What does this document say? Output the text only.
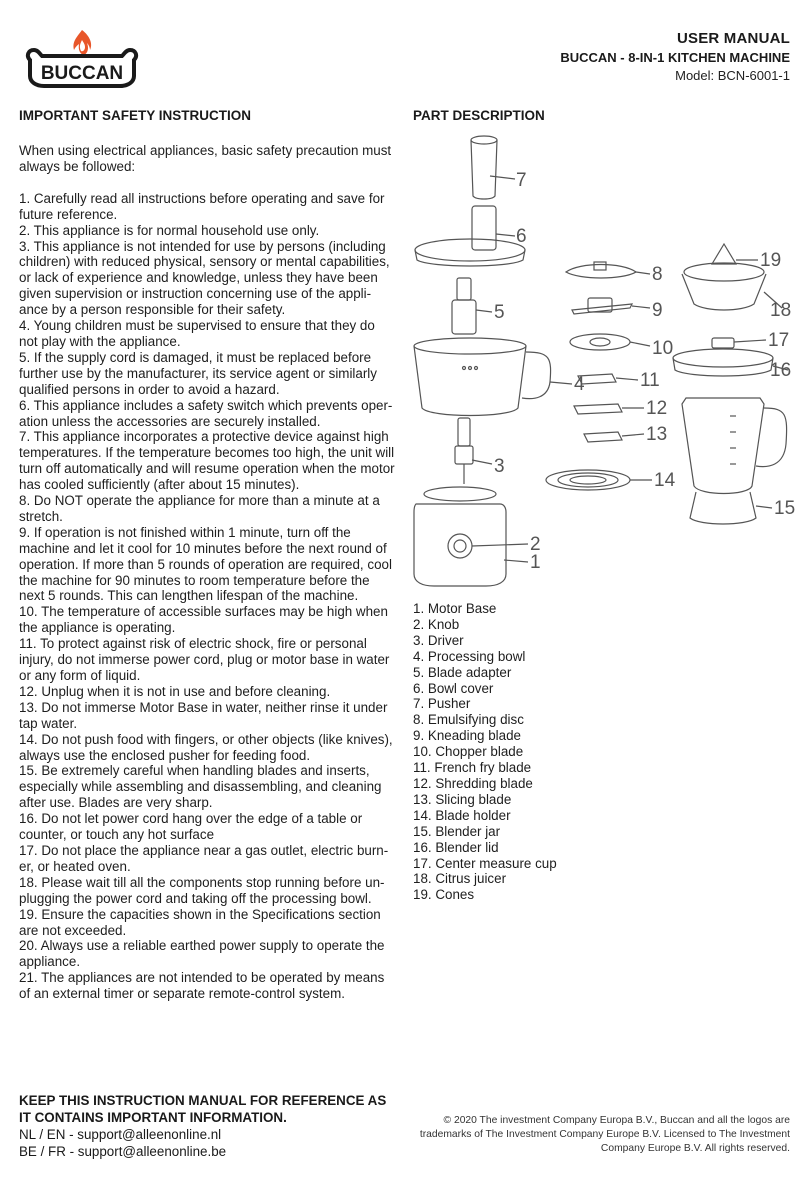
BUCCAN
USER MANUAL
BUCCAN - 8-IN-1 KITCHEN MACHINE
Model: BCN-6001-1
IMPORTANT SAFETY INSTRUCTION
When using electrical appliances, basic safety precaution must always be followed:
1. Carefully read all instructions before operating and save for future reference.
2. This appliance is for normal household use only.
3. This appliance is not intended for use by persons (including children) with reduced physical, sensory or mental capabilities, or lack of experience and knowledge, unless they have been given supervision or instruction concerning use of the appli-ance by a person responsible for their safety.
4. Young children must be supervised to ensure that they do not play with the appliance.
5. If the supply cord is damaged, it must be replaced before further use by the manufacturer, its service agent or similarly qualified persons in order to avoid a hazard.
6. This appliance includes a safety switch which prevents oper-ation unless the accessories are securely installed.
7. This appliance incorporates a protective device against high temperatures. If the temperature becomes too high, the unit will turn off automatically and will resume operation when the motor has cooled sufficiently (after about 15 minutes).
8. Do NOT operate the appliance for more than a minute at a stretch.
9. If operation is not finished within 1 minute, turn off the machine and let it cool for 10 minutes before the next round of operation. If more than 5 rounds of operation are required, cool the machine for 90 minutes to room temperature before the next 5 rounds. This can lengthen lifespan of the machine.
10. The temperature of accessible surfaces may be high when the appliance is operating.
11. To protect against risk of electric shock, fire or personal injury, do not immerse power cord, plug or motor base in water or any form of liquid.
12. Unplug when it is not in use and before cleaning.
13. Do not immerse Motor Base in water, neither rinse it under tap water.
14. Do not push food with fingers, or other objects (like knives), always use the enclosed pusher for feeding food.
15. Be extremely careful when handling blades and inserts, especially while assembling and disassembling, and cleaning after use. Blades are very sharp.
16. Do not let power cord hang over the edge of a table or counter, or touch any hot surface
17. Do not place the appliance near a gas outlet, electric burn-er, or heated oven.
18. Please wait till all the components stop running before un-plugging the power cord and taking off the processing bowl.
19. Ensure the capacities shown in the Specifications section are not exceeded.
20. Always use a reliable earthed power supply to operate the appliance.
21. The appliances are not intended to be operated by means of an external timer or separate remote-control system.
PART DESCRIPTION
7
6
5
4
3
2
1
8
9
10
11
12
13
14
15
16
17
18
19
1. Motor Base
2. Knob
3. Driver
4. Processing bowl
5. Blade adapter
6. Bowl cover
7. Pusher
8. Emulsifying disc
9. Kneading blade
10. Chopper blade
11. French fry blade
12. Shredding blade
13. Slicing blade
14. Blade holder
15. Blender jar
16. Blender lid
17. Center measure cup
18. Citrus juicer
19. Cones
KEEP THIS INSTRUCTION MANUAL FOR REFERENCE AS
IT CONTAINS IMPORTANT INFORMATION.
NL / EN - support@alleenonline.nl
BE / FR - support@alleenonline.be
© 2020 The investment Company Europa B.V., Buccan and all the logos are trademarks of The Investment Company Europe B.V. Licensed to The Investment Company Europe B.V. All rights reserved.
